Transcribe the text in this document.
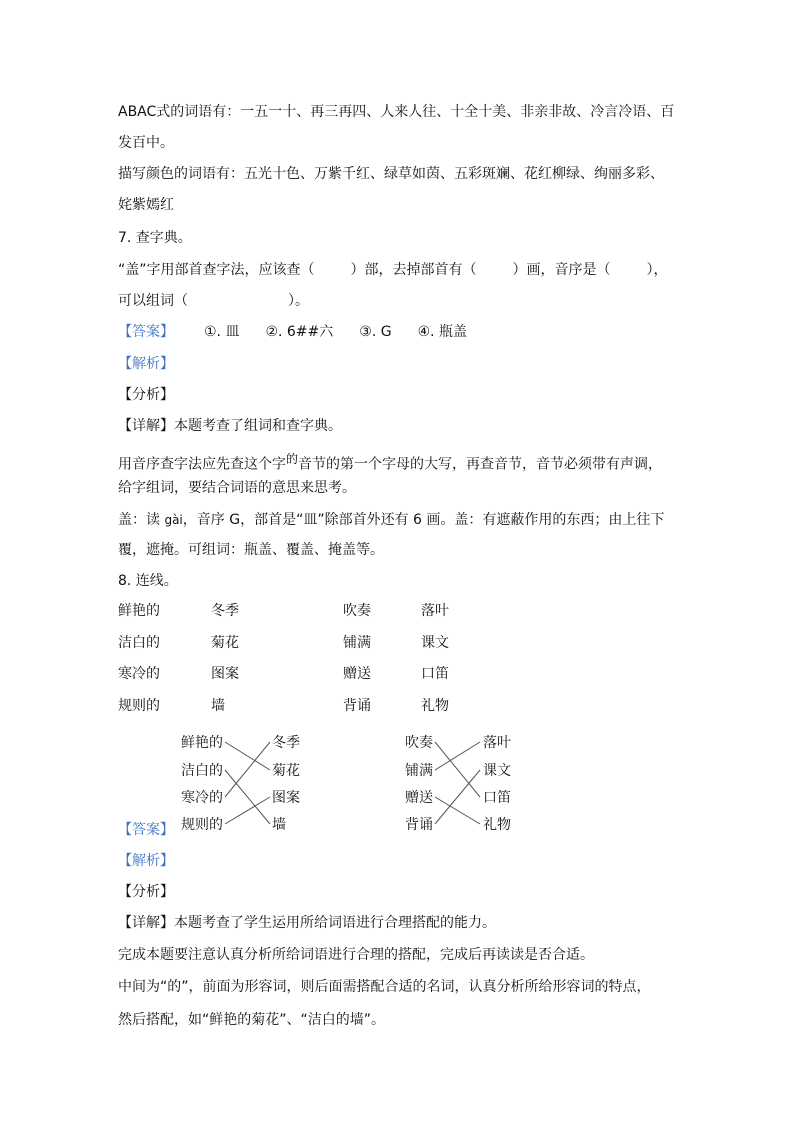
ABAC式的词语有：一五一十、再三再四、人来人往、十全十美、非亲非故、冷言冷语、百
发百中。
描写颜色的词语有：五光十色、万紫千红、绿草如茵、五彩斑斓、花红柳绿、绚丽多彩、
姹紫嫣红
7. 查字典。
“盖”字用部首查字法，应该查（	）部，去掉部首有（	）画，音序是（	），
可以组词（	）。
【答案】 ①. 皿 ②. 6##六 ③. G ④. 瓶盖
【解析】
【分析】
【详解】本题考查了组词和查字典。
用音序查字法应先查这个字$^的$音节的第一个字母的大写，再查音节，音节必须带有声调，
给字组词，要结合词语的意思来思考。
盖：读 gài，音序 G，部首是“皿”除部首外还有 6 画。盖：有遮蔽作用的东西；由上往下
覆，遮掩。可组词：瓶盖、覆盖、掩盖等。
8. 连线。
鲜艳的	冬季	吹奏	落叶
洁白的	菊花	铺满	课文
寒冷的	图案	赠送	口笛
规则的	墙	背诵	礼物
【答案】
鲜艳的
洁白的
寒冷的
规则的
冬季
菊花
图案
墙
吹奏
铺满
赠送
背诵
落叶
课文
口笛
礼物
【解析】
【分析】
【详解】本题考查了学生运用所给词语进行合理搭配的能力。
完成本题要注意认真分析所给词语进行合理的搭配，完成后再读读是否合适。
中间为“的”，前面为形容词，则后面需搭配合适的名词，认真分析所给形容词的特点，
然后搭配，如“鲜艳的菊花”、“洁白的墙”。
